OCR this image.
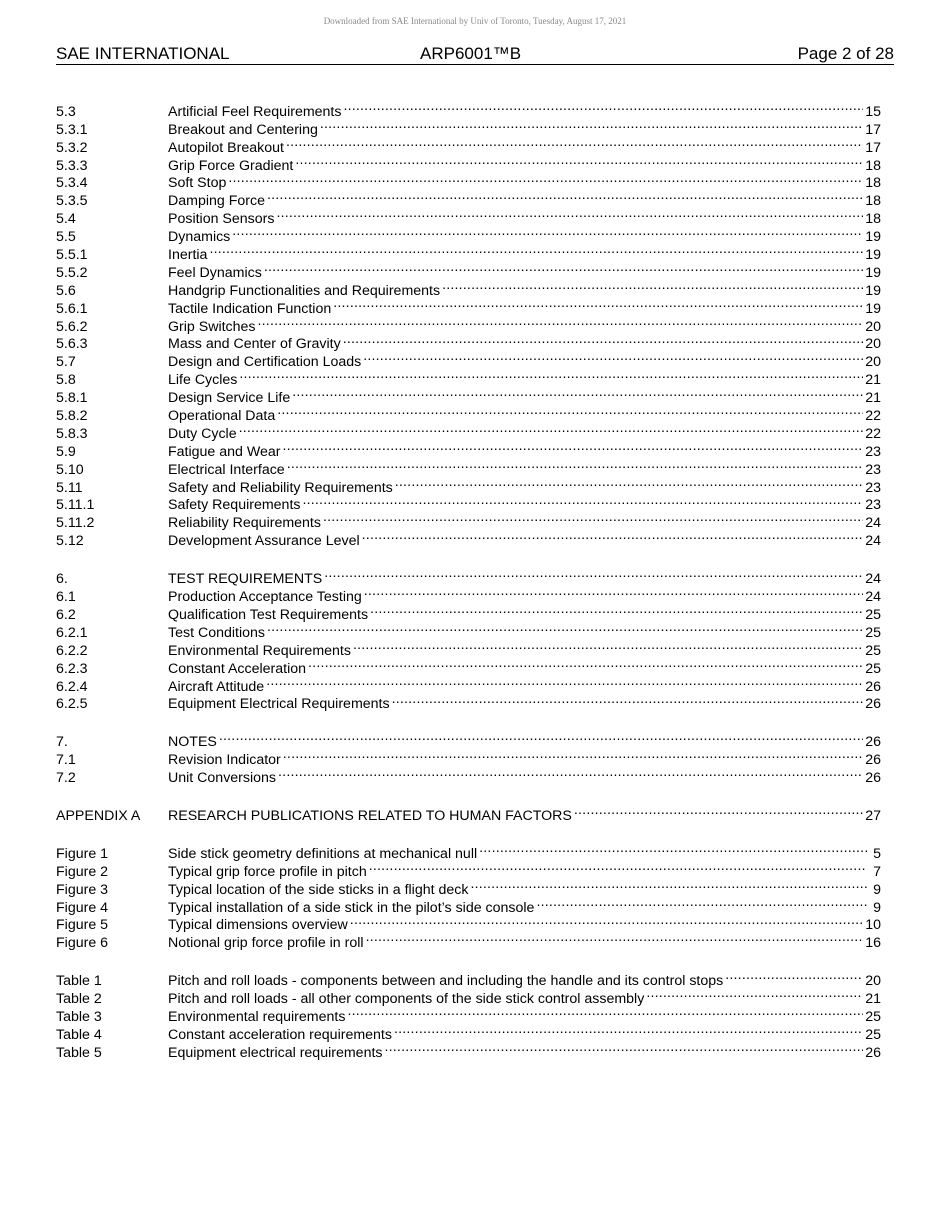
Downloaded from SAE International by Univ of Toronto, Tuesday, August 17, 2021
SAE INTERNATIONAL	ARP6001™B	Page 2 of 28
5.3	Artificial Feel Requirements .....	15
5.3.1	Breakout and Centering .....	17
5.3.2	Autopilot Breakout .....	17
5.3.3	Grip Force Gradient .....	18
5.3.4	Soft Stop .....	18
5.3.5	Damping Force .....	18
5.4	Position Sensors .....	18
5.5	Dynamics .....	19
5.5.1	Inertia .....	19
5.5.2	Feel Dynamics .....	19
5.6	Handgrip Functionalities and Requirements .....	19
5.6.1	Tactile Indication Function .....	19
5.6.2	Grip Switches .....	20
5.6.3	Mass and Center of Gravity .....	20
5.7	Design and Certification Loads .....	20
5.8	Life Cycles .....	21
5.8.1	Design Service Life .....	21
5.8.2	Operational Data .....	22
5.8.3	Duty Cycle .....	22
5.9	Fatigue and Wear .....	23
5.10	Electrical Interface .....	23
5.11	Safety and Reliability Requirements .....	23
5.11.1	Safety Requirements .....	23
5.11.2	Reliability Requirements .....	24
5.12	Development Assurance Level .....	24
6.	TEST REQUIREMENTS .....	24
6.1	Production Acceptance Testing .....	24
6.2	Qualification Test Requirements .....	25
6.2.1	Test Conditions .....	25
6.2.2	Environmental Requirements .....	25
6.2.3	Constant Acceleration .....	25
6.2.4	Aircraft Attitude .....	26
6.2.5	Equipment Electrical Requirements .....	26
7.	NOTES .....	26
7.1	Revision Indicator .....	26
7.2	Unit Conversions .....	26
APPENDIX A	RESEARCH PUBLICATIONS RELATED TO HUMAN FACTORS .....	27
Figure 1	Side stick geometry definitions at mechanical null .....	5
Figure 2	Typical grip force profile in pitch .....	7
Figure 3	Typical location of the side sticks in a flight deck .....	9
Figure 4	Typical installation of a side stick in the pilot’s side console .....	9
Figure 5	Typical dimensions overview .....	10
Figure 6	Notional grip force profile in roll .....	16
Table 1	Pitch and roll loads - components between and including the handle and its control stops .....	20
Table 2	Pitch and roll loads - all other components of the side stick control assembly .....	21
Table 3	Environmental requirements .....	25
Table 4	Constant acceleration requirements .....	25
Table 5	Equipment electrical requirements .....	26
